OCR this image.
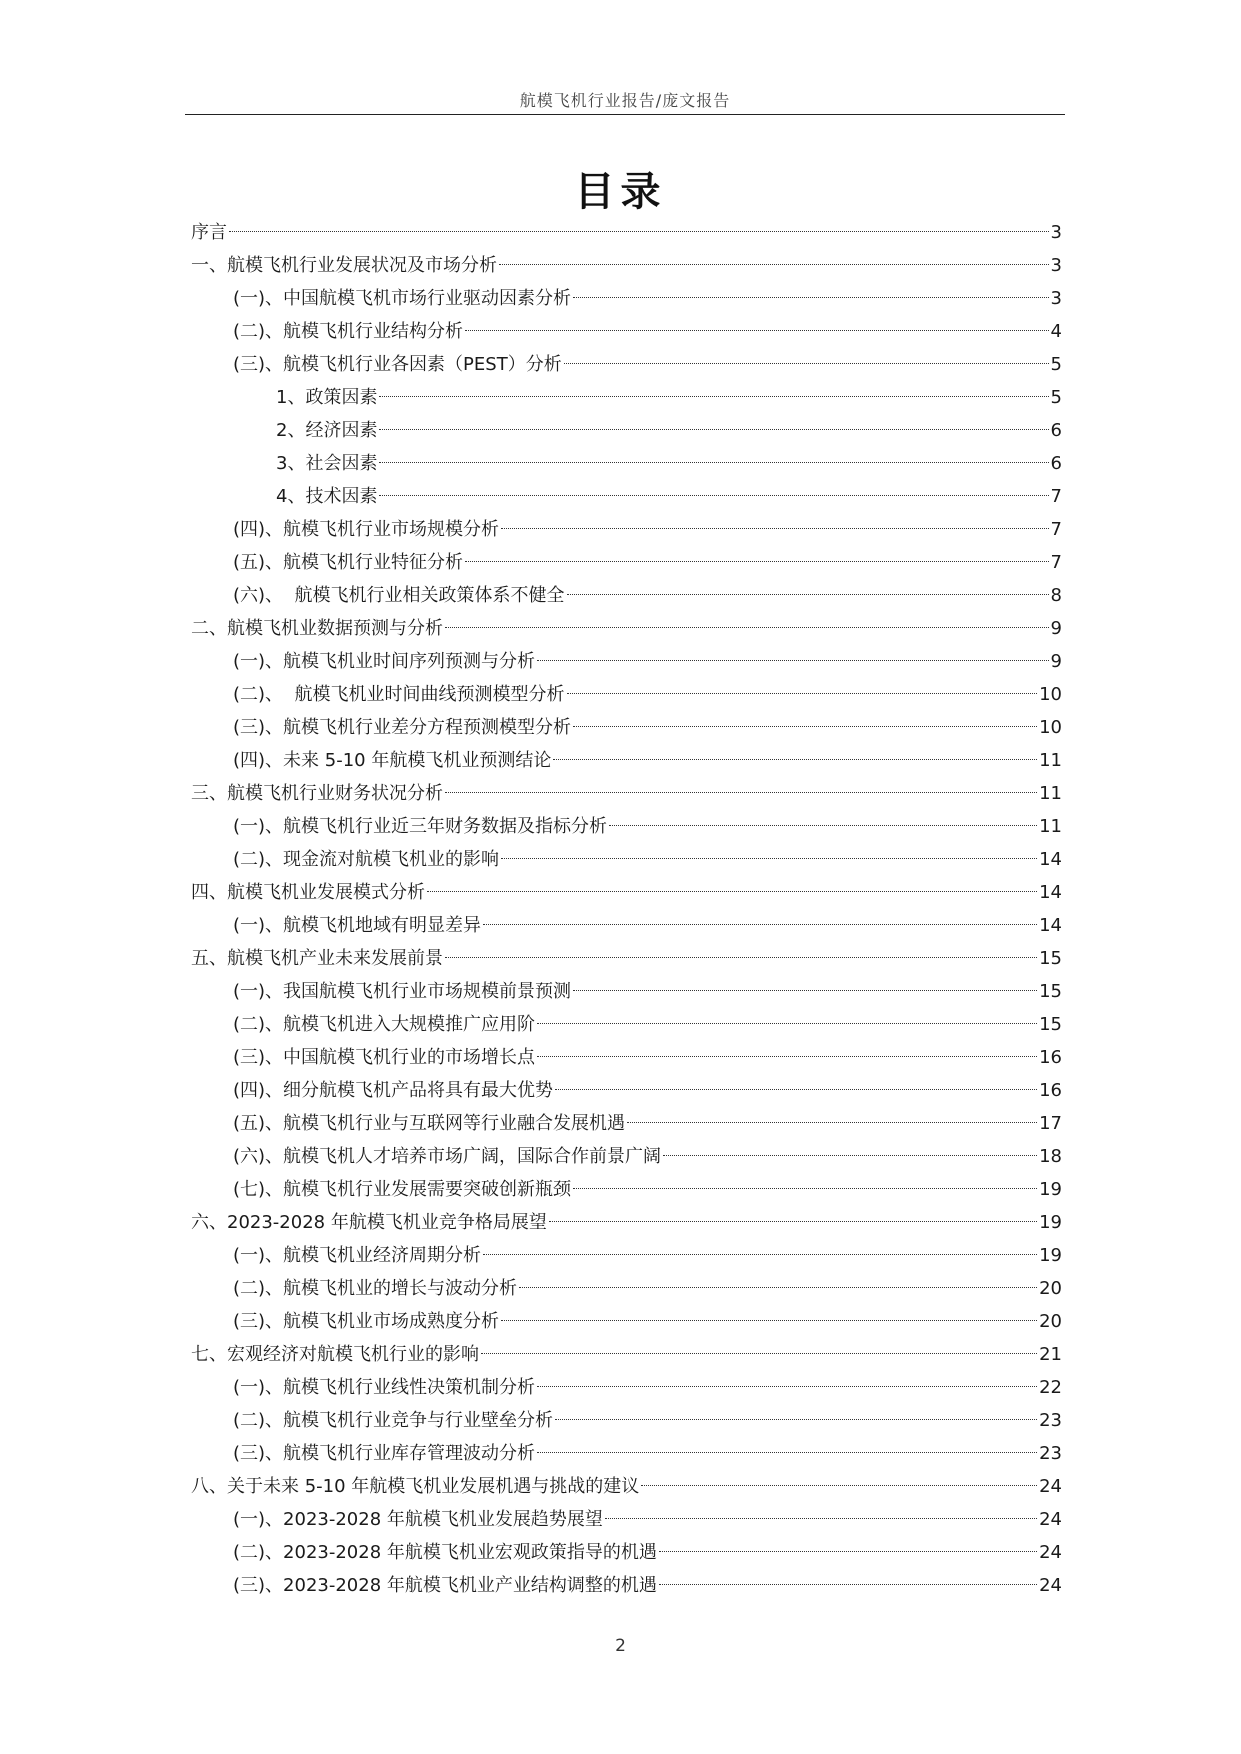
航模飞机行业报告/庞文报告
目录
序言	3
一、航模飞机行业发展状况及市场分析	3
(一)、中国航模飞机市场行业驱动因素分析	3
(二)、航模飞机行业结构分析	4
(三)、航模飞机行业各因素（PEST）分析	5
1、政策因素	5
2、经济因素	6
3、社会因素	6
4、技术因素	7
(四)、航模飞机行业市场规模分析	7
(五)、航模飞机行业特征分析	7
(六)、  航模飞机行业相关政策体系不健全	8
二、航模飞机业数据预测与分析	9
(一)、航模飞机业时间序列预测与分析	9
(二)、  航模飞机业时间曲线预测模型分析	10
(三)、航模飞机行业差分方程预测模型分析	10
(四)、未来 5-10 年航模飞机业预测结论	11
三、航模飞机行业财务状况分析	11
(一)、航模飞机行业近三年财务数据及指标分析	11
(二)、现金流对航模飞机业的影响	14
四、航模飞机业发展模式分析	14
(一)、航模飞机地域有明显差异	14
五、航模飞机产业未来发展前景	15
(一)、我国航模飞机行业市场规模前景预测	15
(二)、航模飞机进入大规模推广应用阶	15
(三)、中国航模飞机行业的市场增长点	16
(四)、细分航模飞机产品将具有最大优势	16
(五)、航模飞机行业与互联网等行业融合发展机遇	17
(六)、航模飞机人才培养市场广阔，国际合作前景广阔	18
(七)、航模飞机行业发展需要突破创新瓶颈	19
六、2023-2028 年航模飞机业竞争格局展望	19
(一)、航模飞机业经济周期分析	19
(二)、航模飞机业的增长与波动分析	20
(三)、航模飞机业市场成熟度分析	20
七、宏观经济对航模飞机行业的影响	21
(一)、航模飞机行业线性决策机制分析	22
(二)、航模飞机行业竞争与行业壁垒分析	23
(三)、航模飞机行业库存管理波动分析	23
八、关于未来 5-10 年航模飞机业发展机遇与挑战的建议	24
(一)、2023-2028 年航模飞机业发展趋势展望	24
(二)、2023-2028 年航模飞机业宏观政策指导的机遇	24
(三)、2023-2028 年航模飞机业产业结构调整的机遇	24
2
